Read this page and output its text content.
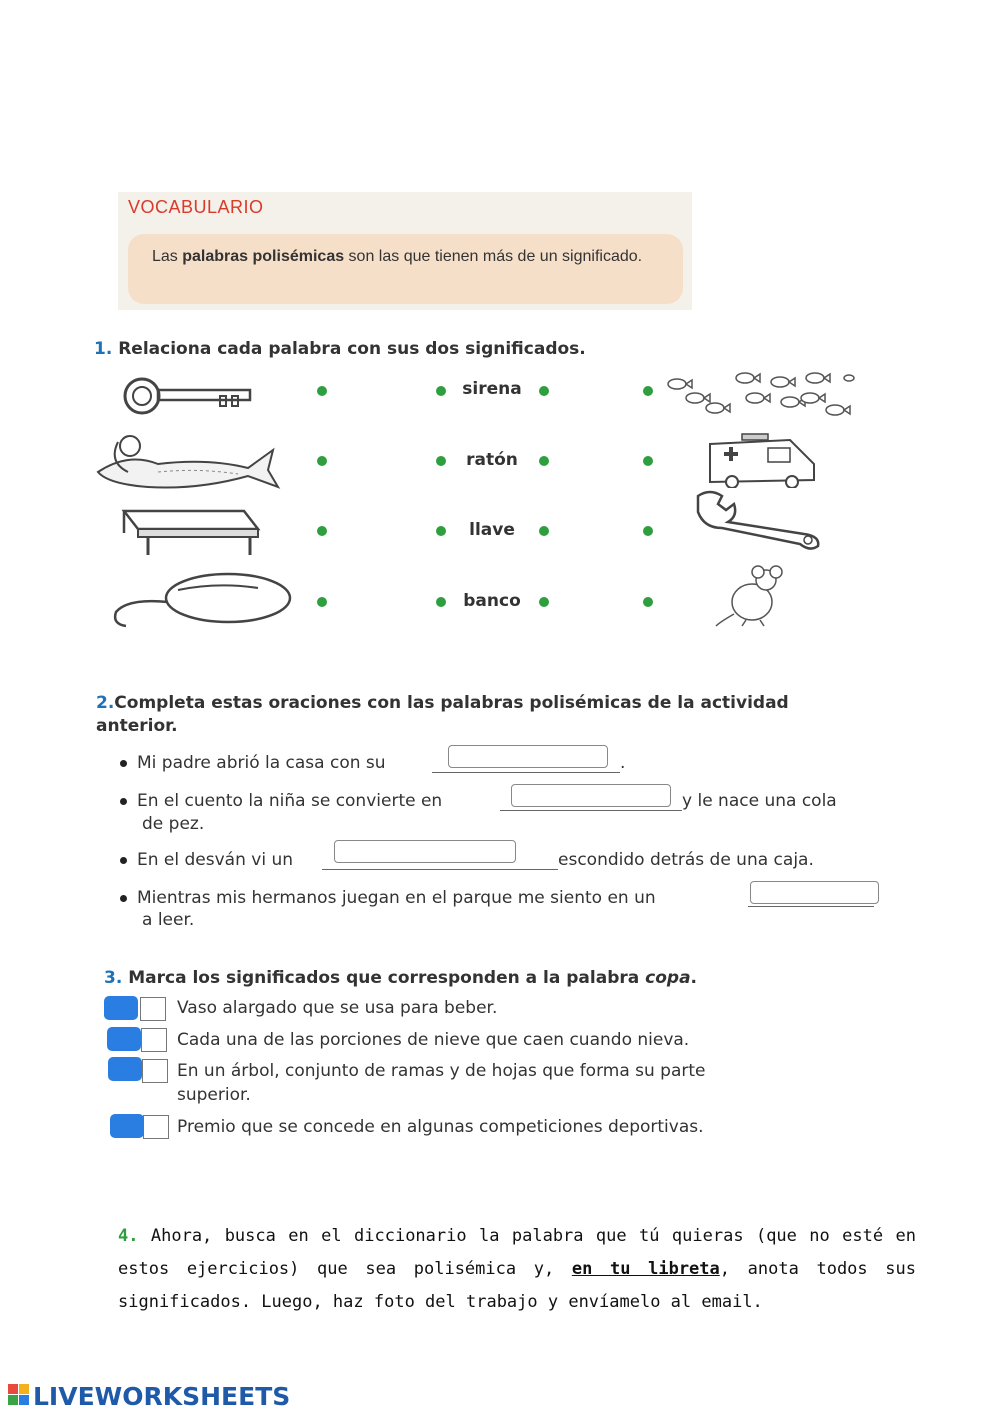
VOCABULARIO
Las palabras polisémicas son las que tienen más de un significado.
1. Relaciona cada palabra con sus dos significados.
sirena
ratón
llave
banco
2.Completa estas oraciones con las palabras polisémicas de la actividad anterior.
Mi padre abrió la casa con su	.
En el cuento la niña se convierte en	y le nace una cola
de pez.
En el desván vi un	escondido detrás de una caja.
Mientras mis hermanos juegan en el parque me siento en un
a leer.
3. Marca los significados que corresponden a la palabra copa.
Vaso alargado que se usa para beber.
Cada una de las porciones de nieve que caen cuando nieva.
En un árbol, conjunto de ramas y de hojas que forma su parte
superior.
Premio que se concede en algunas competiciones deportivas.
4. Ahora, busca en el diccionario la palabra que tú quieras (que no esté en estos ejercicios) que sea polisémica y, en tu libreta, anota todos sus significados. Luego, haz foto del trabajo y envíamelo al email.
LIVEWORKSHEETS
